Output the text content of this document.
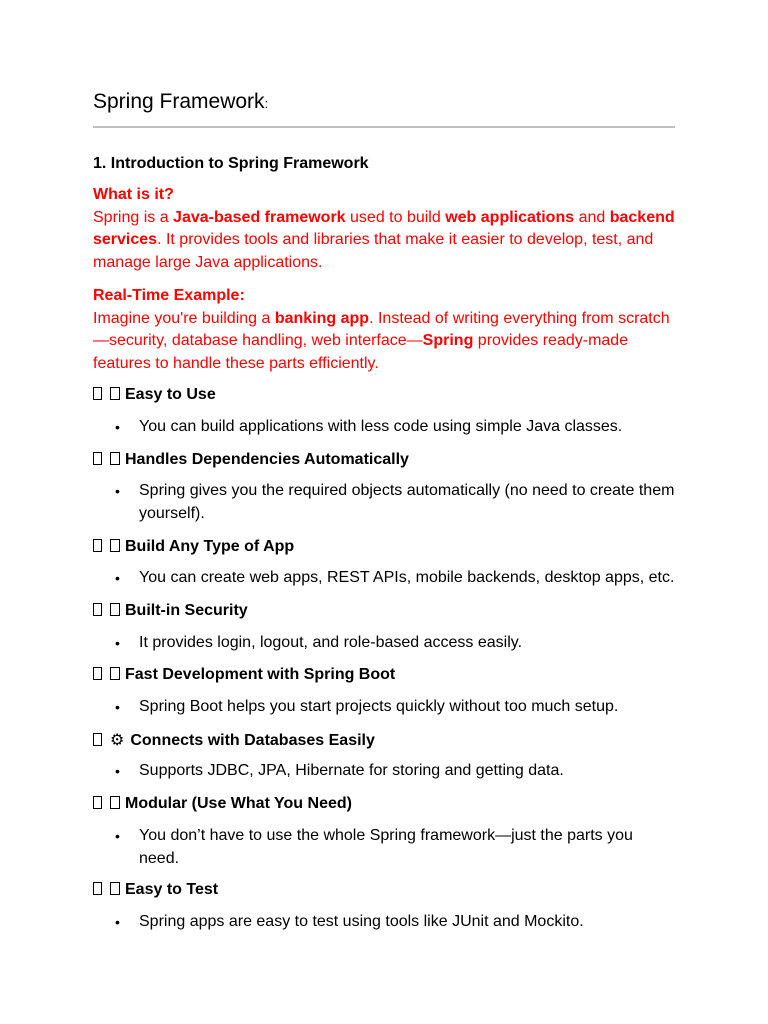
Spring Framework:
1. Introduction to Spring Framework
What is it?
Spring is a Java-based framework used to build web applications and backend services. It provides tools and libraries that make it easier to develop, test, and manage large Java applications.
Real-Time Example:
Imagine you're building a banking app. Instead of writing everything from scratch—security, database handling, web interface—Spring provides ready-made features to handle these parts efficiently.
Easy to Use
• You can build applications with less code using simple Java classes.
Handles Dependencies Automatically
• Spring gives you the required objects automatically (no need to create them yourself).
Build Any Type of App
• You can create web apps, REST APIs, mobile backends, desktop apps, etc.
Built-in Security
• It provides login, logout, and role-based access easily.
Fast Development with Spring Boot
• Spring Boot helps you start projects quickly without too much setup.
⚙ Connects with Databases Easily
• Supports JDBC, JPA, Hibernate for storing and getting data.
Modular (Use What You Need)
• You don’t have to use the whole Spring framework—just the parts you need.
Easy to Test
• Spring apps are easy to test using tools like JUnit and Mockito.
